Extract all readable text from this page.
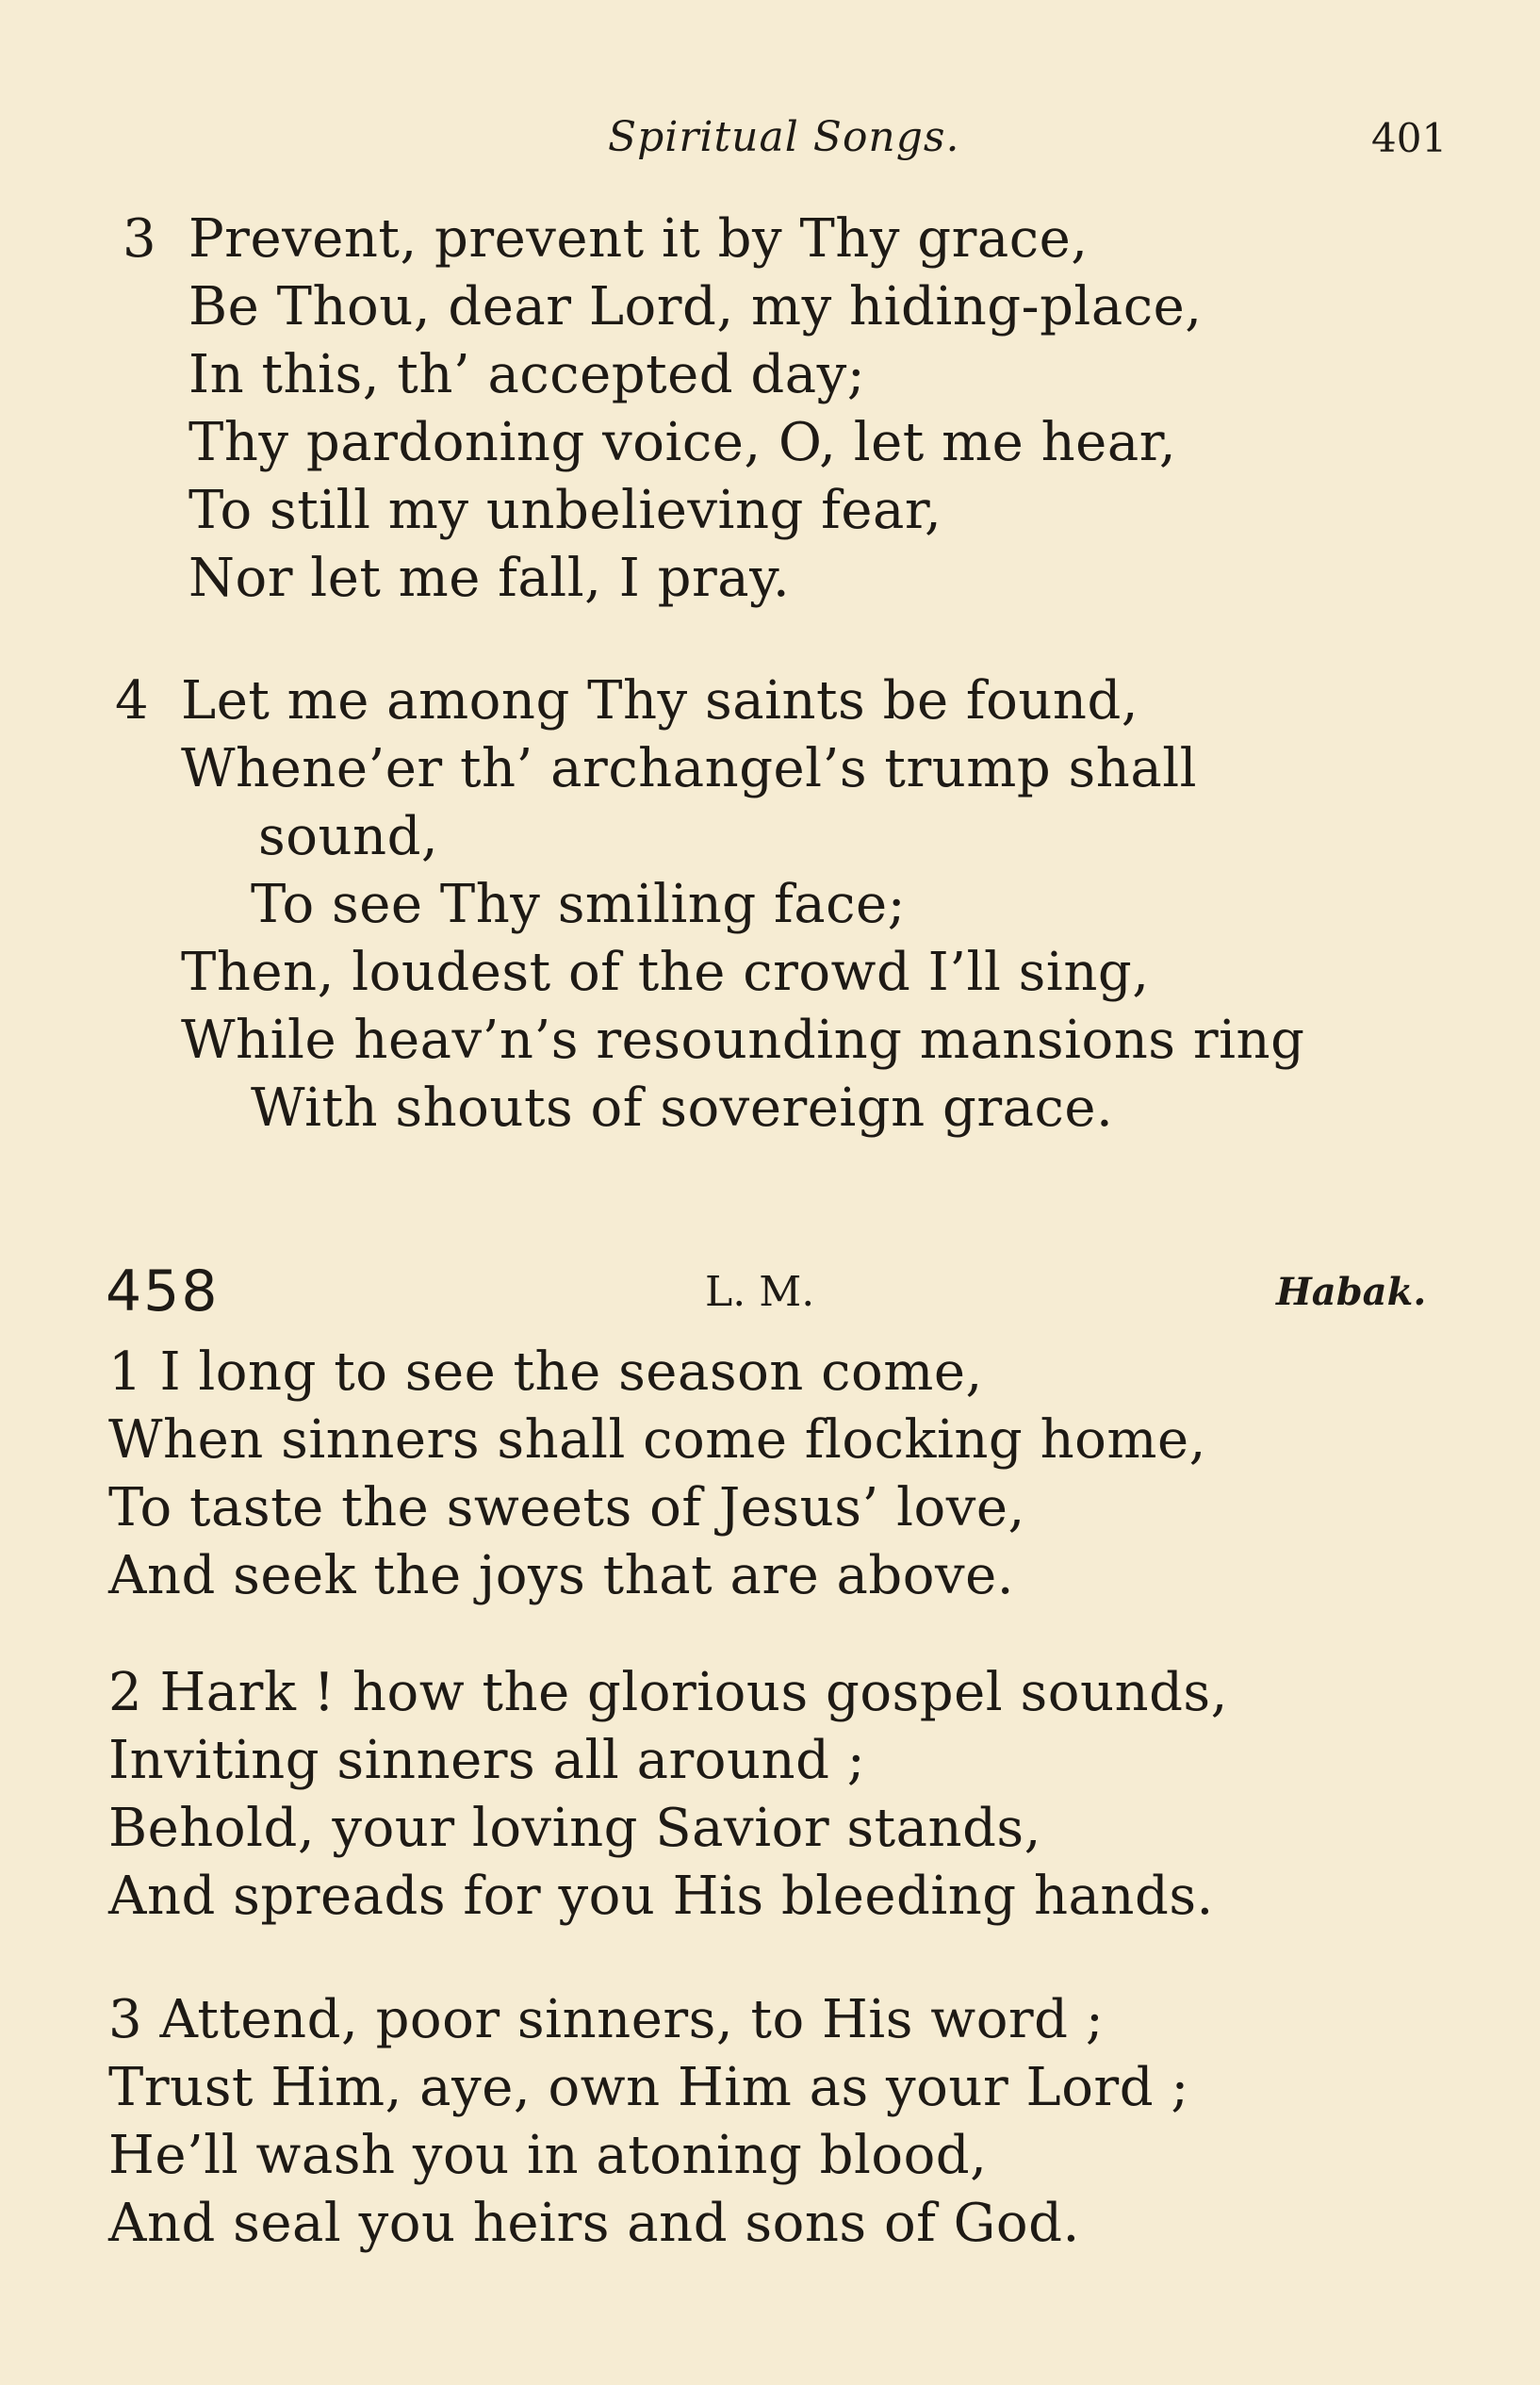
Spiritual Songs.	401
3 Prevent, prevent it by Thy grace,
Be Thou, dear Lord, my hiding-place,
In this, th’ accepted day;
Thy pardoning voice, O, let me hear,
To still my unbelieving fear,
Nor let me fall, I pray.
4 Let me among Thy saints be found,
Whene’er th’ archangel’s trump shall
sound,
To see Thy smiling face;
Then, loudest of the crowd I’ll sing,
While heav’n’s resounding mansions ring
With shouts of sovereign grace.
458	L. M.	Habak.
1 I long to see the season come,
When sinners shall come flocking home,
To taste the sweets of Jesus’ love,
And seek the joys that are above.
2 Hark ! how the glorious gospel sounds,
Inviting sinners all around ;
Behold, your loving Savior stands,
And spreads for you His bleeding hands.
3 Attend, poor sinners, to His word ;
Trust Him, aye, own Him as your Lord ;
He’ll wash you in atoning blood,
And seal you heirs and sons of God.
